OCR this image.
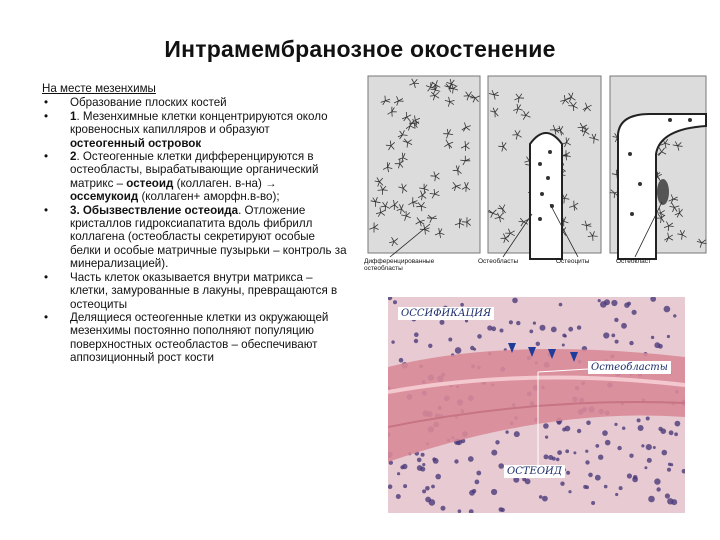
Интрамембранозное окостенение
На месте мезенхимы
• Образование плоских костей
• 1. Мезенхимные клетки концентрируются около кровеносных капилляров и образуют остеогенный островок
• 2. Остеогенные клетки дифференцируются в остеобласты, вырабатывающие органический матрикс – остеоид (коллаген. в-на) → оссемукоид (коллаген+ аморфн.в-во);
• 3. Обызвествление остеоида. Отложение кристаллов гидроксиапатита вдоль фибрилл коллагена (остеобласты секретируют особые белки и особые матричные пузырьки – контроль за минерализацией).
• Часть клеток оказывается внутри матрикса – клетки, замурованные в лакуны, превращаются в остеоциты
• Делящиеся остеогенные клетки из окружающей мезенхимы постоянно пополняют популяцию поверхностных остеобластов – обеспечивают аппозиционный рост кости
Дифференцированные остеобласты
Остеобласты	Остеоциты	Остеокласт
ОССИФИКАЦИЯ
Остеобласты
ОСТЕОИД
